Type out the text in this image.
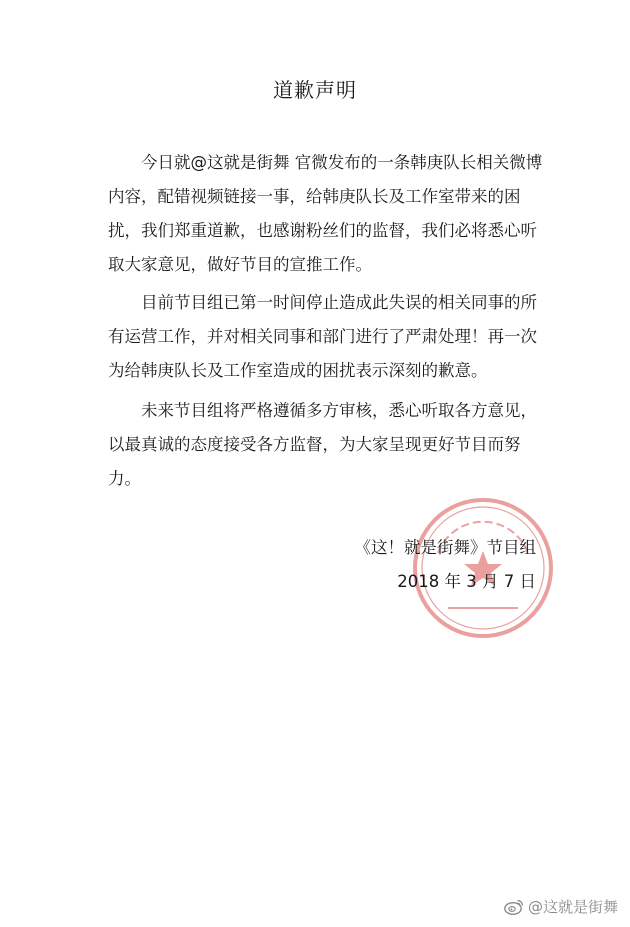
道歉声明

今日就@这就是街舞 官微发布的一条韩庚队长相关微博内容，配错视频链接一事，给韩庚队长及工作室带来的困扰，我们郑重道歉，也感谢粉丝们的监督，我们必将悉心听取大家意见，做好节目的宣推工作。

目前节目组已第一时间停止造成此失误的相关同事的所有运营工作，并对相关同事和部门进行了严肃处理！再一次为给韩庚队长及工作室造成的困扰表示深刻的歉意。

未来节目组将严格遵循多方审核，悉心听取各方意见，以最真诚的态度接受各方监督，为大家呈现更好节目而努力。

《这！就是街舞》节目组
2018 年 3 月 7 日
@这就是街舞
